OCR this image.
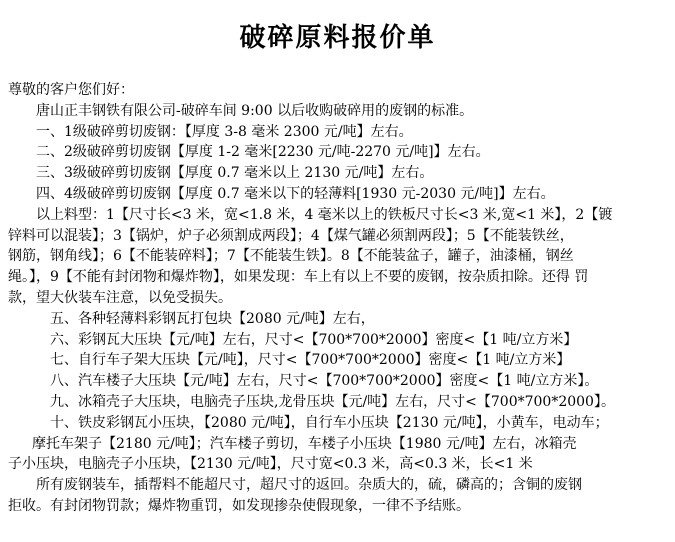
破碎原料报价单
尊敬的客户您们好：
唐山正丰钢铁有限公司-破碎车间 9:00 以后收购破碎用的废钢的标准。
一、1级破碎剪切废钢：【厚度 3-8 毫米 2300 元/吨】左右。
二、2级破碎剪切废钢【厚度 1-2 毫米[2230 元/吨-2270 元/吨]】左右。
三、3级破碎剪切废钢【厚度 0.7 毫米以上 2130 元/吨】左右。
四、4级破碎剪切废钢【厚度 0.7 毫米以下的轻薄料[1930 元-2030 元/吨]】左右。
以上料型：1【尺寸长<3 米，宽<1.8 米，4 毫米以上的铁板尺寸长<3 米,宽<1 米】，2【镀
锌料可以混装】；3【锅炉，炉子必须割成两段】；4【煤气罐必须割两段】；5【不能装铁丝，
钢筋，钢角线】；6【不能装碎料】；7【不能装生铁】。8【不能装盆子，罐子，油漆桶，钢丝
绳。】，9【不能有封闭物和爆炸物】，如果发现：车上有以上不要的废钢，按杂质扣除。还得 罚
款，望大伙装车注意，以免受损失。
五、各种轻薄料彩钢瓦打包块【2080 元/吨】左右，
六、彩钢瓦大压块【元/吨】左右，尺寸<【700*700*2000】密度<【1 吨/立方米】
七、自行车子架大压块【元/吨】，尺寸<【700*700*2000】密度<【1 吨/立方米】
八、汽车楼子大压块【元/吨】左右，尺寸<【700*700*2000】密度<【1 吨/立方米】。
九、冰箱壳子大压块，电脑壳子压块,龙骨压块【元/吨】左右，尺寸<【700*700*2000】。
十、铁皮彩钢瓦小压块，【2080 元/吨】，自行车小压块【2130 元/吨】，小黄车，电动车；
摩托车架子【2180 元/吨】；汽车楼子剪切，车楼子小压块【1980 元/吨】左右，冰箱壳
子小压块，电脑壳子小压块，【2130 元/吨】，尺寸宽<0.3 米，高<0.3 米，长<1 米
所有废钢装车，插帮料不能超尺寸，超尺寸的返回。杂质大的，硫，磷高的；含铜的废钢
拒收。有封闭物罚款；爆炸物重罚，如发现掺杂使假现象，一律不予结账。
